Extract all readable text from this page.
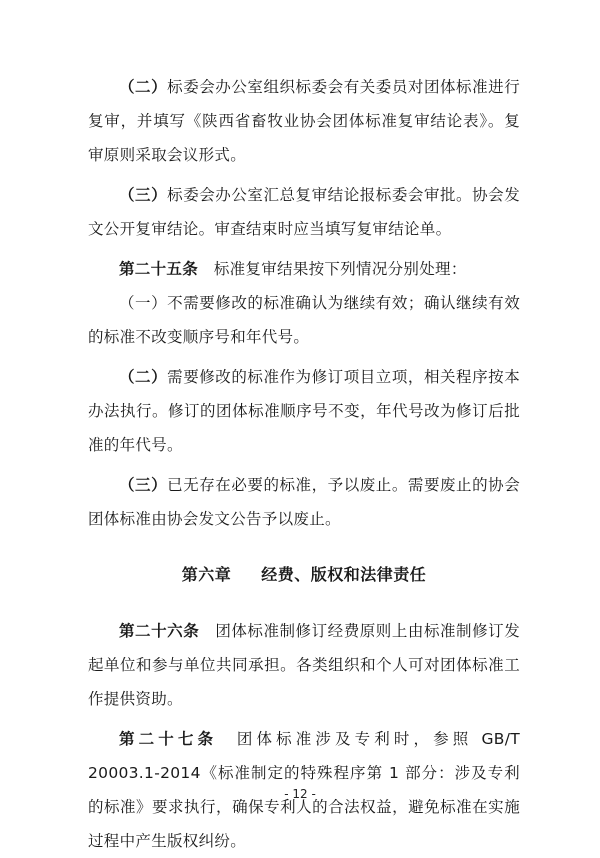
（二）标委会办公室组织标委会有关委员对团体标准进行复审，并填写《陕西省畜牧业协会团体标准复审结论表》。复审原则采取会议形式。

（三）标委会办公室汇总复审结论报标委会审批。协会发文公开复审结论。审查结束时应当填写复审结论单。

第二十五条　 标准复审结果按下列情况分别处理：

（一）不需要修改的标准确认为继续有效；确认继续有效的标准不改变顺序号和年代号。

（二）需要修改的标准作为修订项目立项，相关程序按本办法执行。修订的团体标准顺序号不变，年代号改为修订后批准的年代号。

（三）已无存在必要的标准，予以废止。需要废止的协会团体标准由协会发文公告予以废止。

第六章 经费、版权和法律责任

第二十六条　 团体标准制修订经费原则上由标准制修订发起单位和参与单位共同承担。各类组织和个人可对团体标准工作提供资助。

第二十七条　 团体标准涉及专利时，参照 GB/T 20003.1-2014《标准制定的特殊程序第 1 部分：涉及专利的标准》要求执行，确保专利人的合法权益，避免标准在实施过程中产生版权纠纷。

- 12 -
